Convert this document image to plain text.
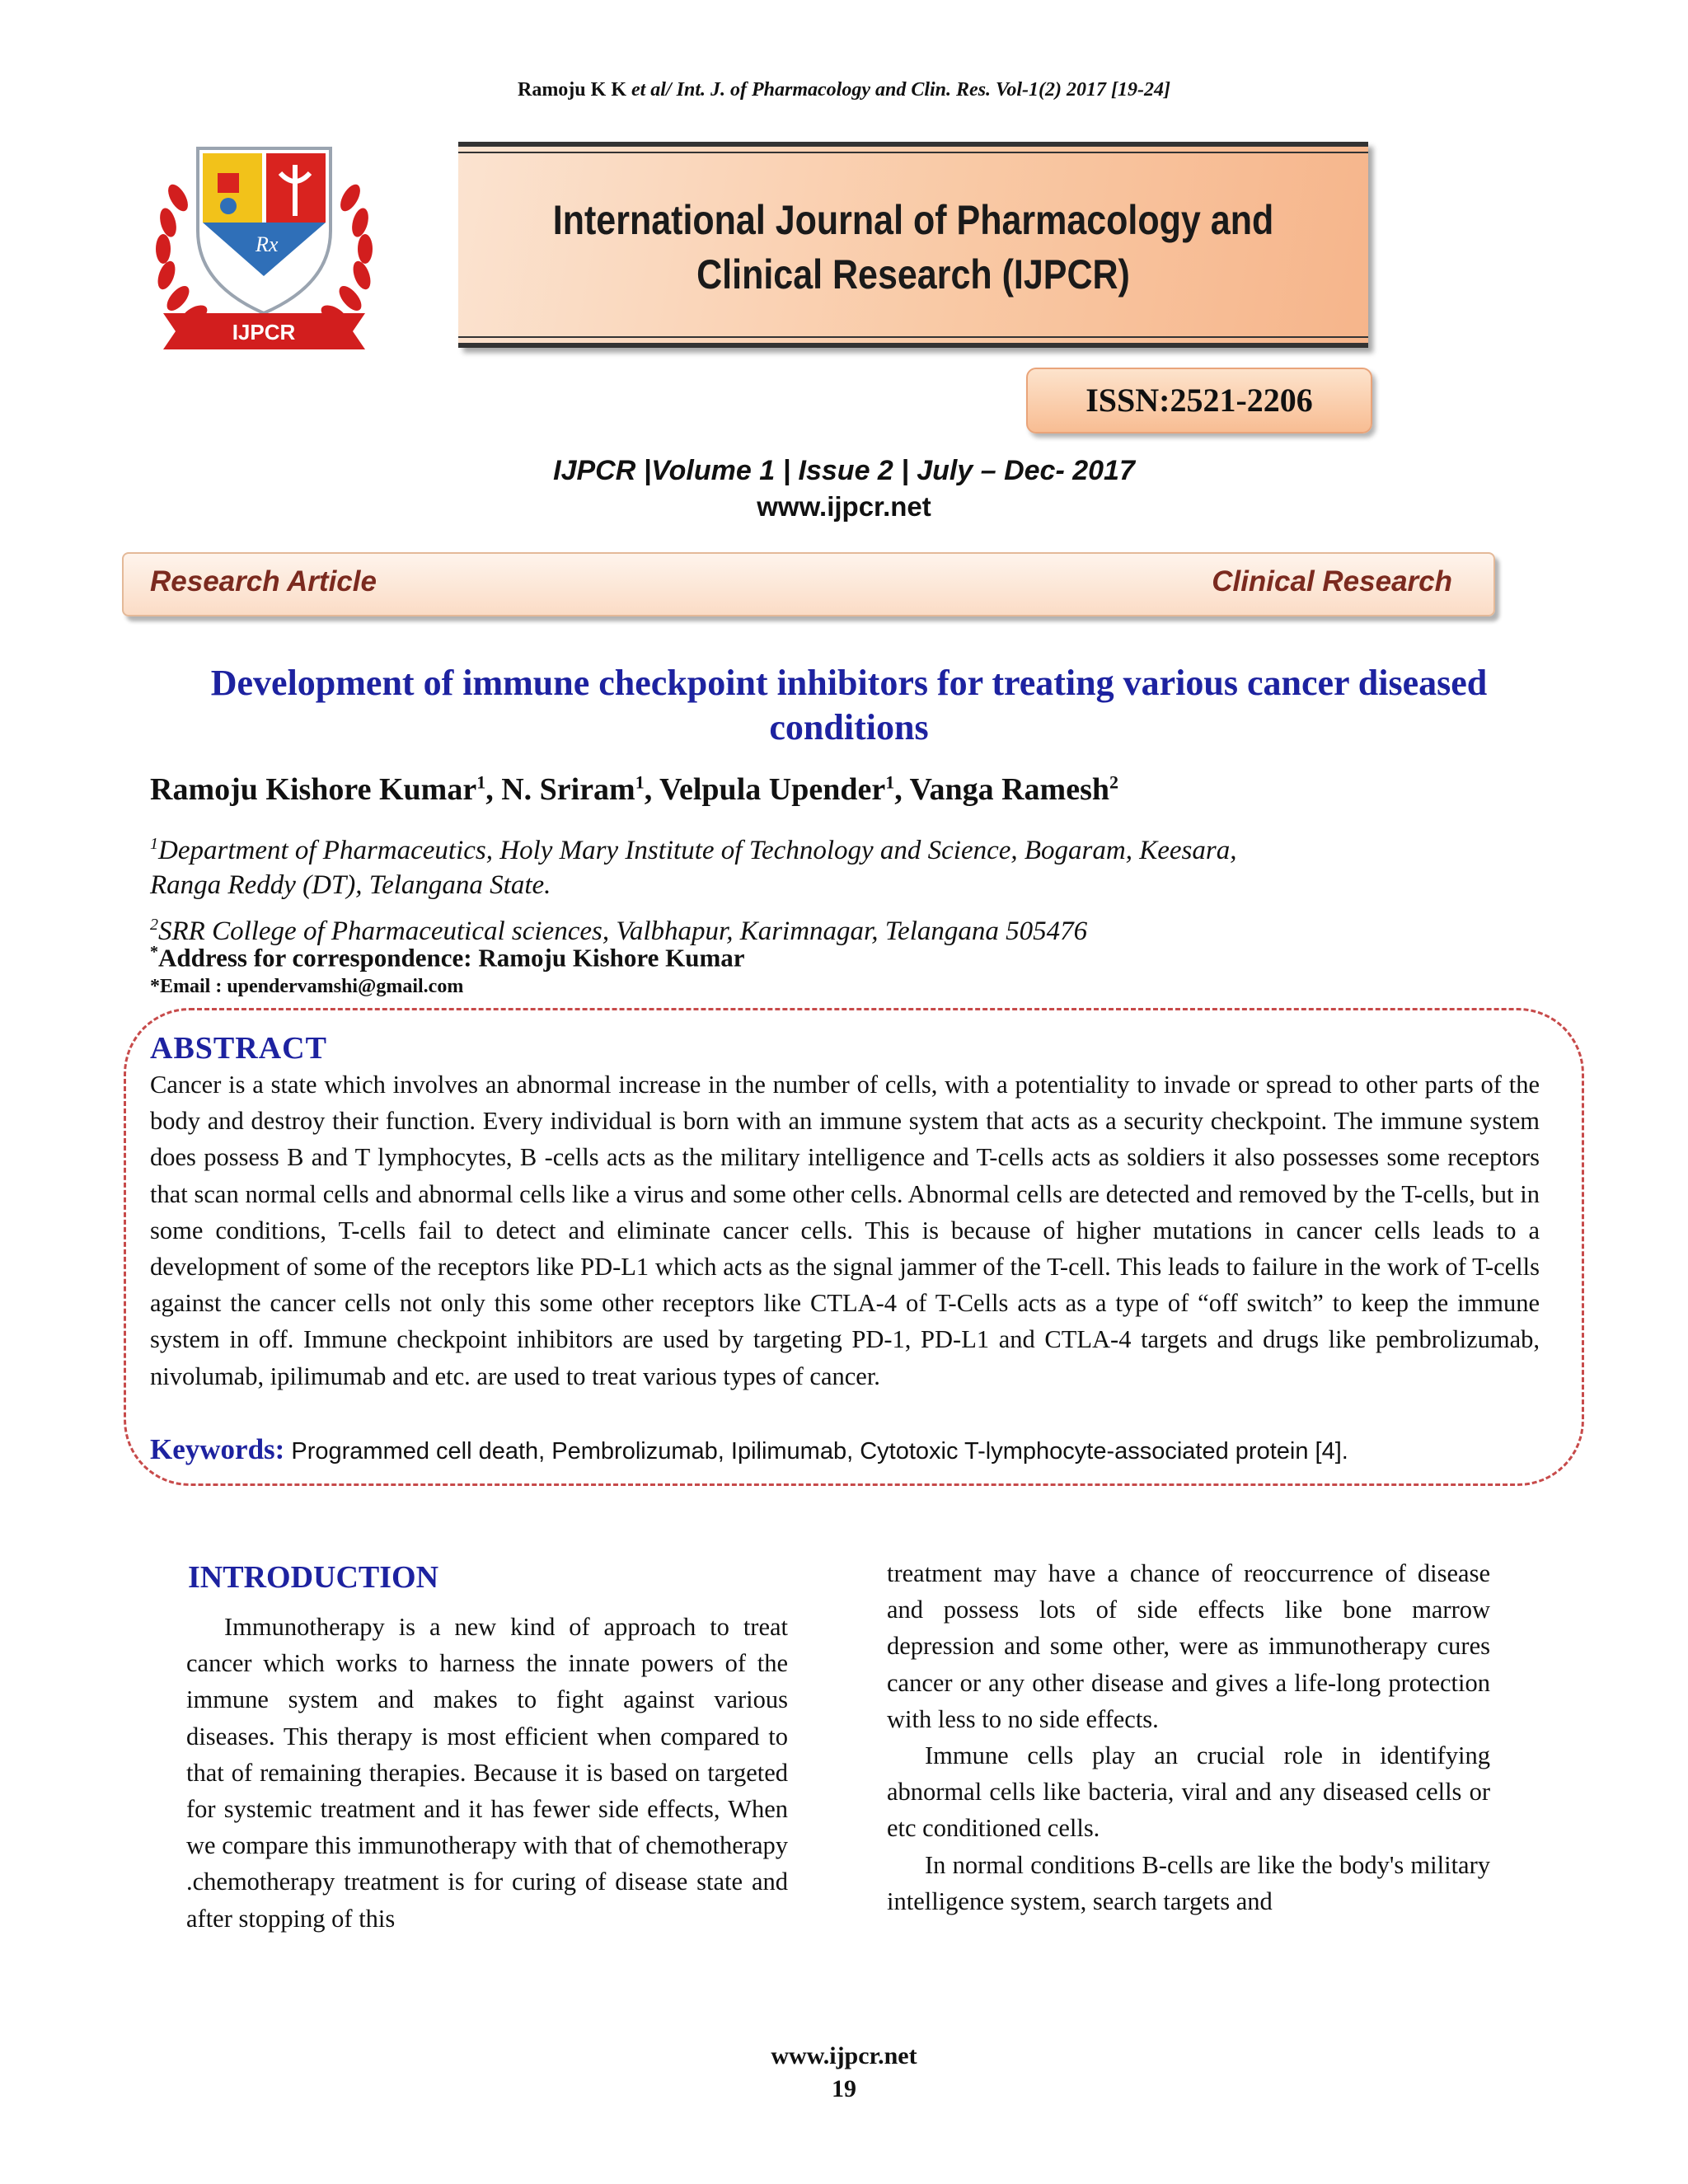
Ramoju K K et al/ Int. J. of Pharmacology and Clin. Res. Vol-1(2) 2017 [19-24]
Rx
IJPCR
International Journal of Pharmacology and
Clinical Research (IJPCR)
ISSN:2521-2206
IJPCR |Volume 1 | Issue 2 | July – Dec- 2017
www.ijpcr.net
Research Article	Clinical Research
Development of immune checkpoint inhibitors for treating various cancer diseased conditions
Ramoju Kishore Kumar$^1$, N. Sriram$^1$, Velpula Upender$^1$, Vanga Ramesh$^2$
$^1$Department of Pharmaceutics, Holy Mary Institute of Technology and Science, Bogaram, Keesara,
Ranga Reddy (DT), Telangana State.
$^2$SRR College of Pharmaceutical sciences, Valbhapur, Karimnagar, Telangana 505476
*Address for correspondence: Ramoju Kishore Kumar
*Email : upendervamshi@gmail.com
ABSTRACT
Cancer is a state which involves an abnormal increase in the number of cells, with a potentiality to invade or spread to other parts of the body and destroy their function. Every individual is born with an immune system that acts as a security checkpoint. The immune system does possess B and T lymphocytes, B -cells acts as the military intelligence and T-cells acts as soldiers it also possesses some receptors that scan normal cells and abnormal cells like a virus and some other cells. Abnormal cells are detected and removed by the T-cells, but in some conditions, T-cells fail to detect and eliminate cancer cells. This is because of higher mutations in cancer cells leads to a development of some of the receptors like PD-L1 which acts as the signal jammer of the T-cell. This leads to failure in the work of T-cells against the cancer cells not only this some other receptors like CTLA-4 of T-Cells acts as a type of “off switch” to keep the immune system in off. Immune checkpoint inhibitors are used by targeting PD-1, PD-L1 and CTLA-4 targets and drugs like pembrolizumab, nivolumab, ipilimumab and etc. are used to treat various types of cancer.
Keywords: Programmed cell death, Pembrolizumab, Ipilimumab, Cytotoxic T-lymphocyte-associated protein [4].
INTRODUCTION

Immunotherapy is a new kind of approach to treat cancer which works to harness the innate powers of the immune system and makes to fight against various diseases. This therapy is most efficient when compared to that of remaining therapies. Because it is based on targeted for systemic treatment and it has fewer side effects, When we compare this immunotherapy with that of chemotherapy .chemotherapy treatment is for curing of disease state and after stopping of this

treatment may have a chance of reoccurrence of disease and possess lots of side effects like bone marrow depression and some other, were as immunotherapy cures cancer or any other disease and gives a life-long protection with less to no side effects.

Immune cells play an crucial role in identifying abnormal cells like bacteria, viral and any diseased cells or etc conditioned cells.

In normal conditions B-cells are like the body's military intelligence system, search targets and

www.ijpcr.net
19
